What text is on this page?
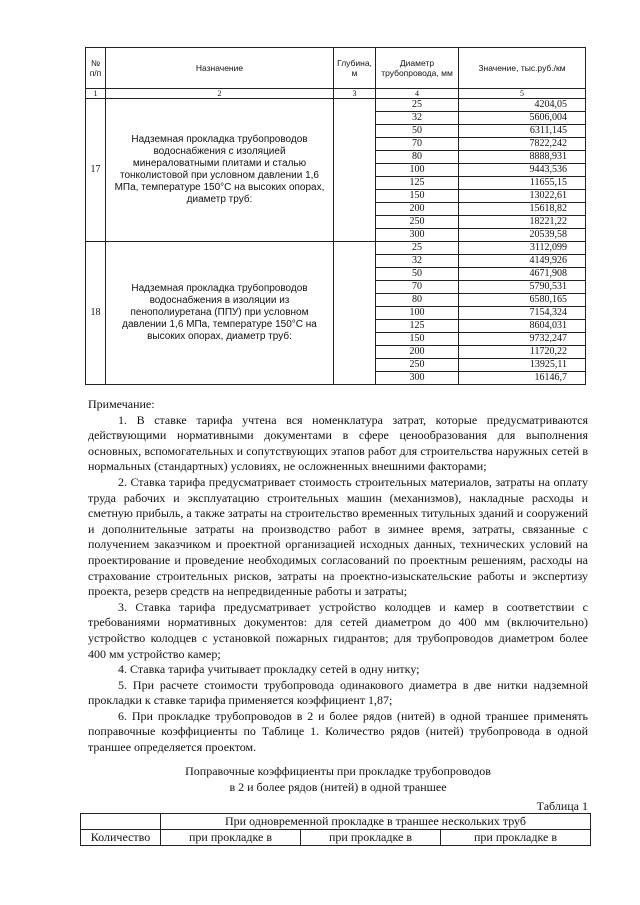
№ п/п	Назначение	Глубина, м	Диаметр трубопровода, мм	Значение, тыс.руб./км
1	2	3	4	5
17	Надземная прокладка трубопроводов водоснабжения с изоляцией минераловатными плитами и сталью тонколистовой при условном давлении 1,6 МПа, температуре 150°С на высоких опорах, диаметр труб:		25	4204,05
			32	5606,004
			50	6311,145
			70	7822,242
			80	8888,931
			100	9443,536
			125	11655,15
			150	13022,61
			200	15618,82
			250	18221,22
			300	20539,58
18	Надземная прокладка трубопроводов водоснабжения в изоляции из пенополиуретана (ППУ) при условном давлении 1,6 МПа, температуре 150°С на высоких опорах, диаметр труб:		25	3112,099
			32	4149,926
			50	4671,908
			70	5790,531
			80	6580,165
			100	7154,324
			125	8604,031
			150	9732,247
			200	11720,22
			250	13925,11
			300	16146,7

Примечание:

1. В ставке тарифа учтена вся номенклатура затрат, которые предусматриваются действующими нормативными документами в сфере ценообразования для выполнения основных, вспомогательных и сопутствующих этапов работ для строительства наружных сетей в нормальных (стандартных) условиях, не осложненных внешними факторами;

2. Ставка тарифа предусматривает стоимость строительных материалов, затраты на оплату труда рабочих и эксплуатацию строительных машин (механизмов), накладные расходы и сметную прибыль, а также затраты на строительство временных титульных зданий и сооружений и дополнительные затраты на производство работ в зимнее время, затраты, связанные с получением заказчиком и проектной организацией исходных данных, технических условий на проектирование и проведение необходимых согласований по проектным решениям, расходы на страхование строительных рисков, затраты на проектно-изыскательские работы и экспертизу проекта, резерв средств на непредвиденные работы и затраты;

3. Ставка тарифа предусматривает устройство колодцев и камер в соответствии с требованиями нормативных документов: для сетей диаметром до 400 мм (включительно) устройство колодцев с установкой пожарных гидрантов; для трубопроводов диаметром более 400 мм устройство камер;

4. Ставка тарифа учитывает прокладку сетей в одну нитку;

5. При расчете стоимости трубопровода одинакового диаметра в две нитки надземной прокладки к ставке тарифа применяется коэффициент 1,87;

6. При прокладке трубопроводов в 2 и более рядов (нитей) в одной траншее применять поправочные коэффициенты по Таблице 1. Количество рядов (нитей) трубопровода в одной траншее определяется проектом.

Поправочные коэффициенты при прокладке трубопроводов
в 2 и более рядов (нитей) в одной траншее
Таблица 1
	При одновременной прокладке в траншее нескольких труб		
Количество	при прокладке в	при прокладке в	при прокладке в
